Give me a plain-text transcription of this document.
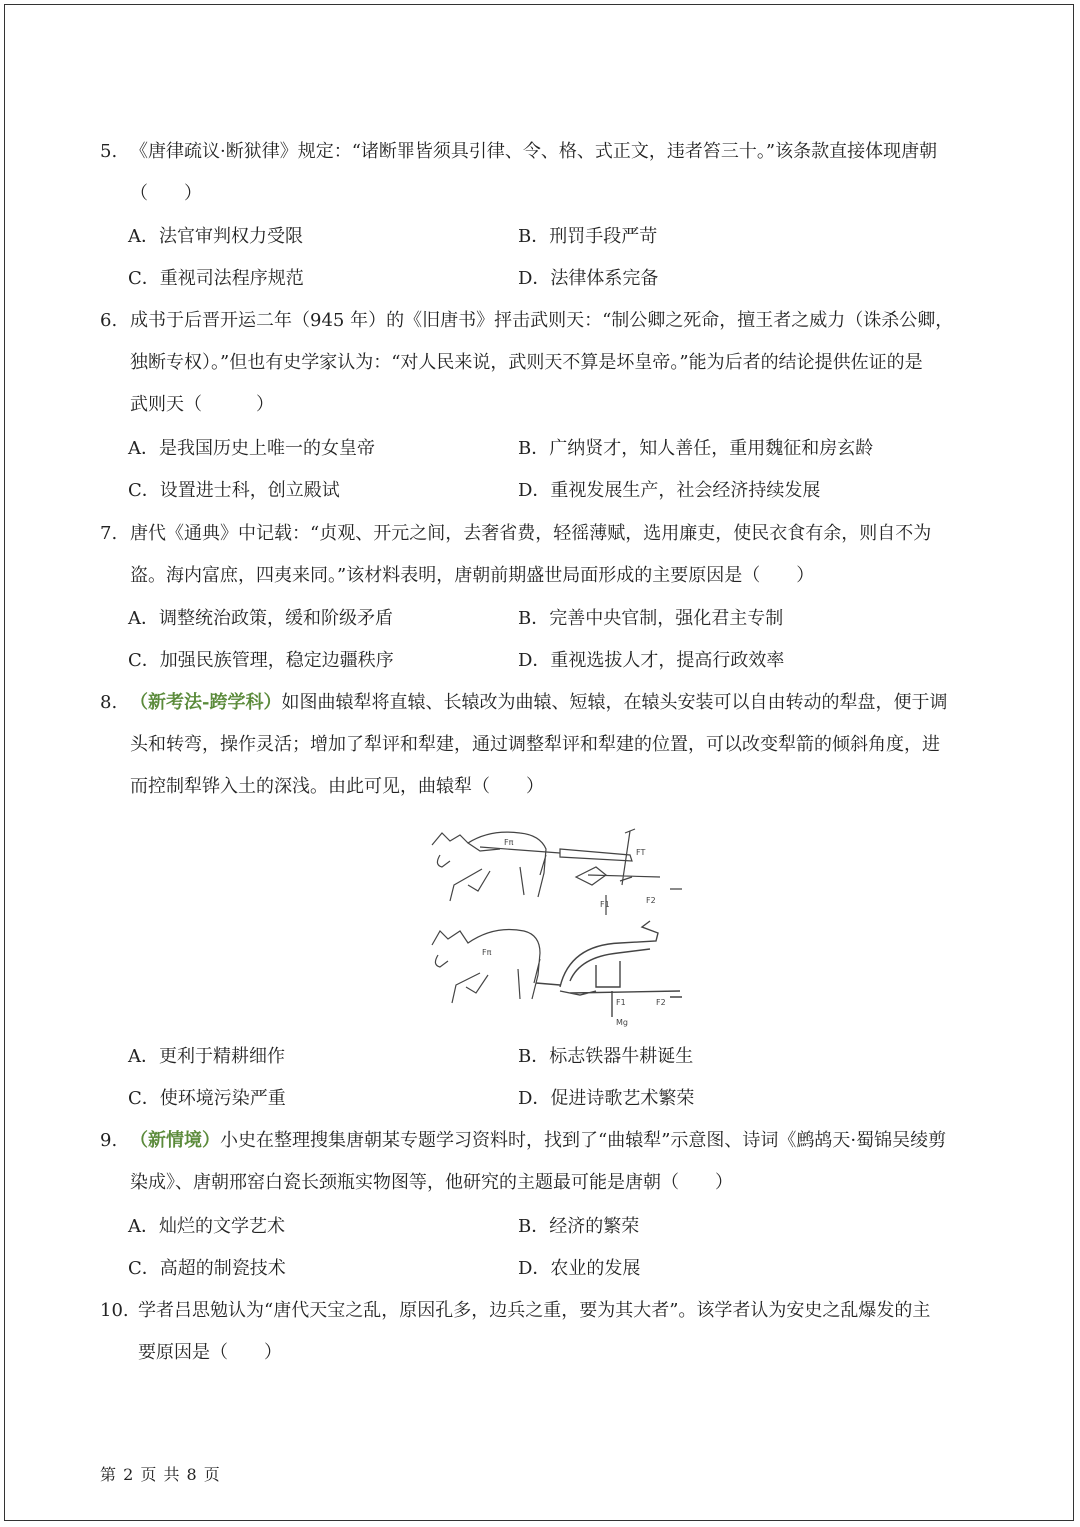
5. 《唐律疏议·断狱律》规定：“诸断罪皆须具引律、令、格、式正文，违者笞三十。”该条款直接体现唐朝
（　　）
A．法官审判权力受限	B．刑罚手段严苛
C．重视司法程序规范	D．法律体系完备
6. 成书于后晋开运二年（945 年）的《旧唐书》抨击武则天：“制公卿之死命，擅王者之威力（诛杀公卿，
独断专权）。”但也有史学家认为：“对人民来说，武则天不算是坏皇帝。”能为后者的结论提供佐证的是
武则天（　　　）
A．是我国历史上唯一的女皇帝	B．广纳贤才，知人善任，重用魏征和房玄龄
C．设置进士科，创立殿试	D．重视发展生产，社会经济持续发展
7. 唐代《通典》中记载：“贞观、开元之间，去奢省费，轻徭薄赋，选用廉吏，使民衣食有余，则自不为
盗。海内富庶，四夷来同。”该材料表明，唐朝前期盛世局面形成的主要原因是（　　）
A．调整统治政策，缓和阶级矛盾	B．完善中央官制，强化君主专制
C．加强民族管理，稳定边疆秩序	D．重视选拔人才，提高行政效率
8. （新考法-跨学科）如图曲辕犁将直辕、长辕改为曲辕、短辕，在辕头安装可以自由转动的犁盘，便于调
头和转弯，操作灵活；增加了犁评和犁建，通过调整犁评和犁建的位置，可以改变犁箭的倾斜角度，进
而控制犁铧入土的深浅。由此可见，曲辕犁（　　）
Fπ
FT
F1	F2
Fπ
F1	F2
Mg
A．更利于精耕细作	B．标志铁器牛耕诞生
C．使环境污染严重	D．促进诗歌艺术繁荣
9. （新情境）小史在整理搜集唐朝某专题学习资料时，找到了“曲辕犁”示意图、诗词《鹧鸪天·蜀锦吴绫剪
染成》、唐朝邢窑白瓷长颈瓶实物图等，他研究的主题最可能是唐朝（　　）
A．灿烂的文学艺术	B．经济的繁荣
C．高超的制瓷技术	D．农业的发展
10. 学者吕思勉认为“唐代天宝之乱，原因孔多，边兵之重，要为其大者”。该学者认为安史之乱爆发的主
要原因是（　　）
第 2 页 共 8 页
